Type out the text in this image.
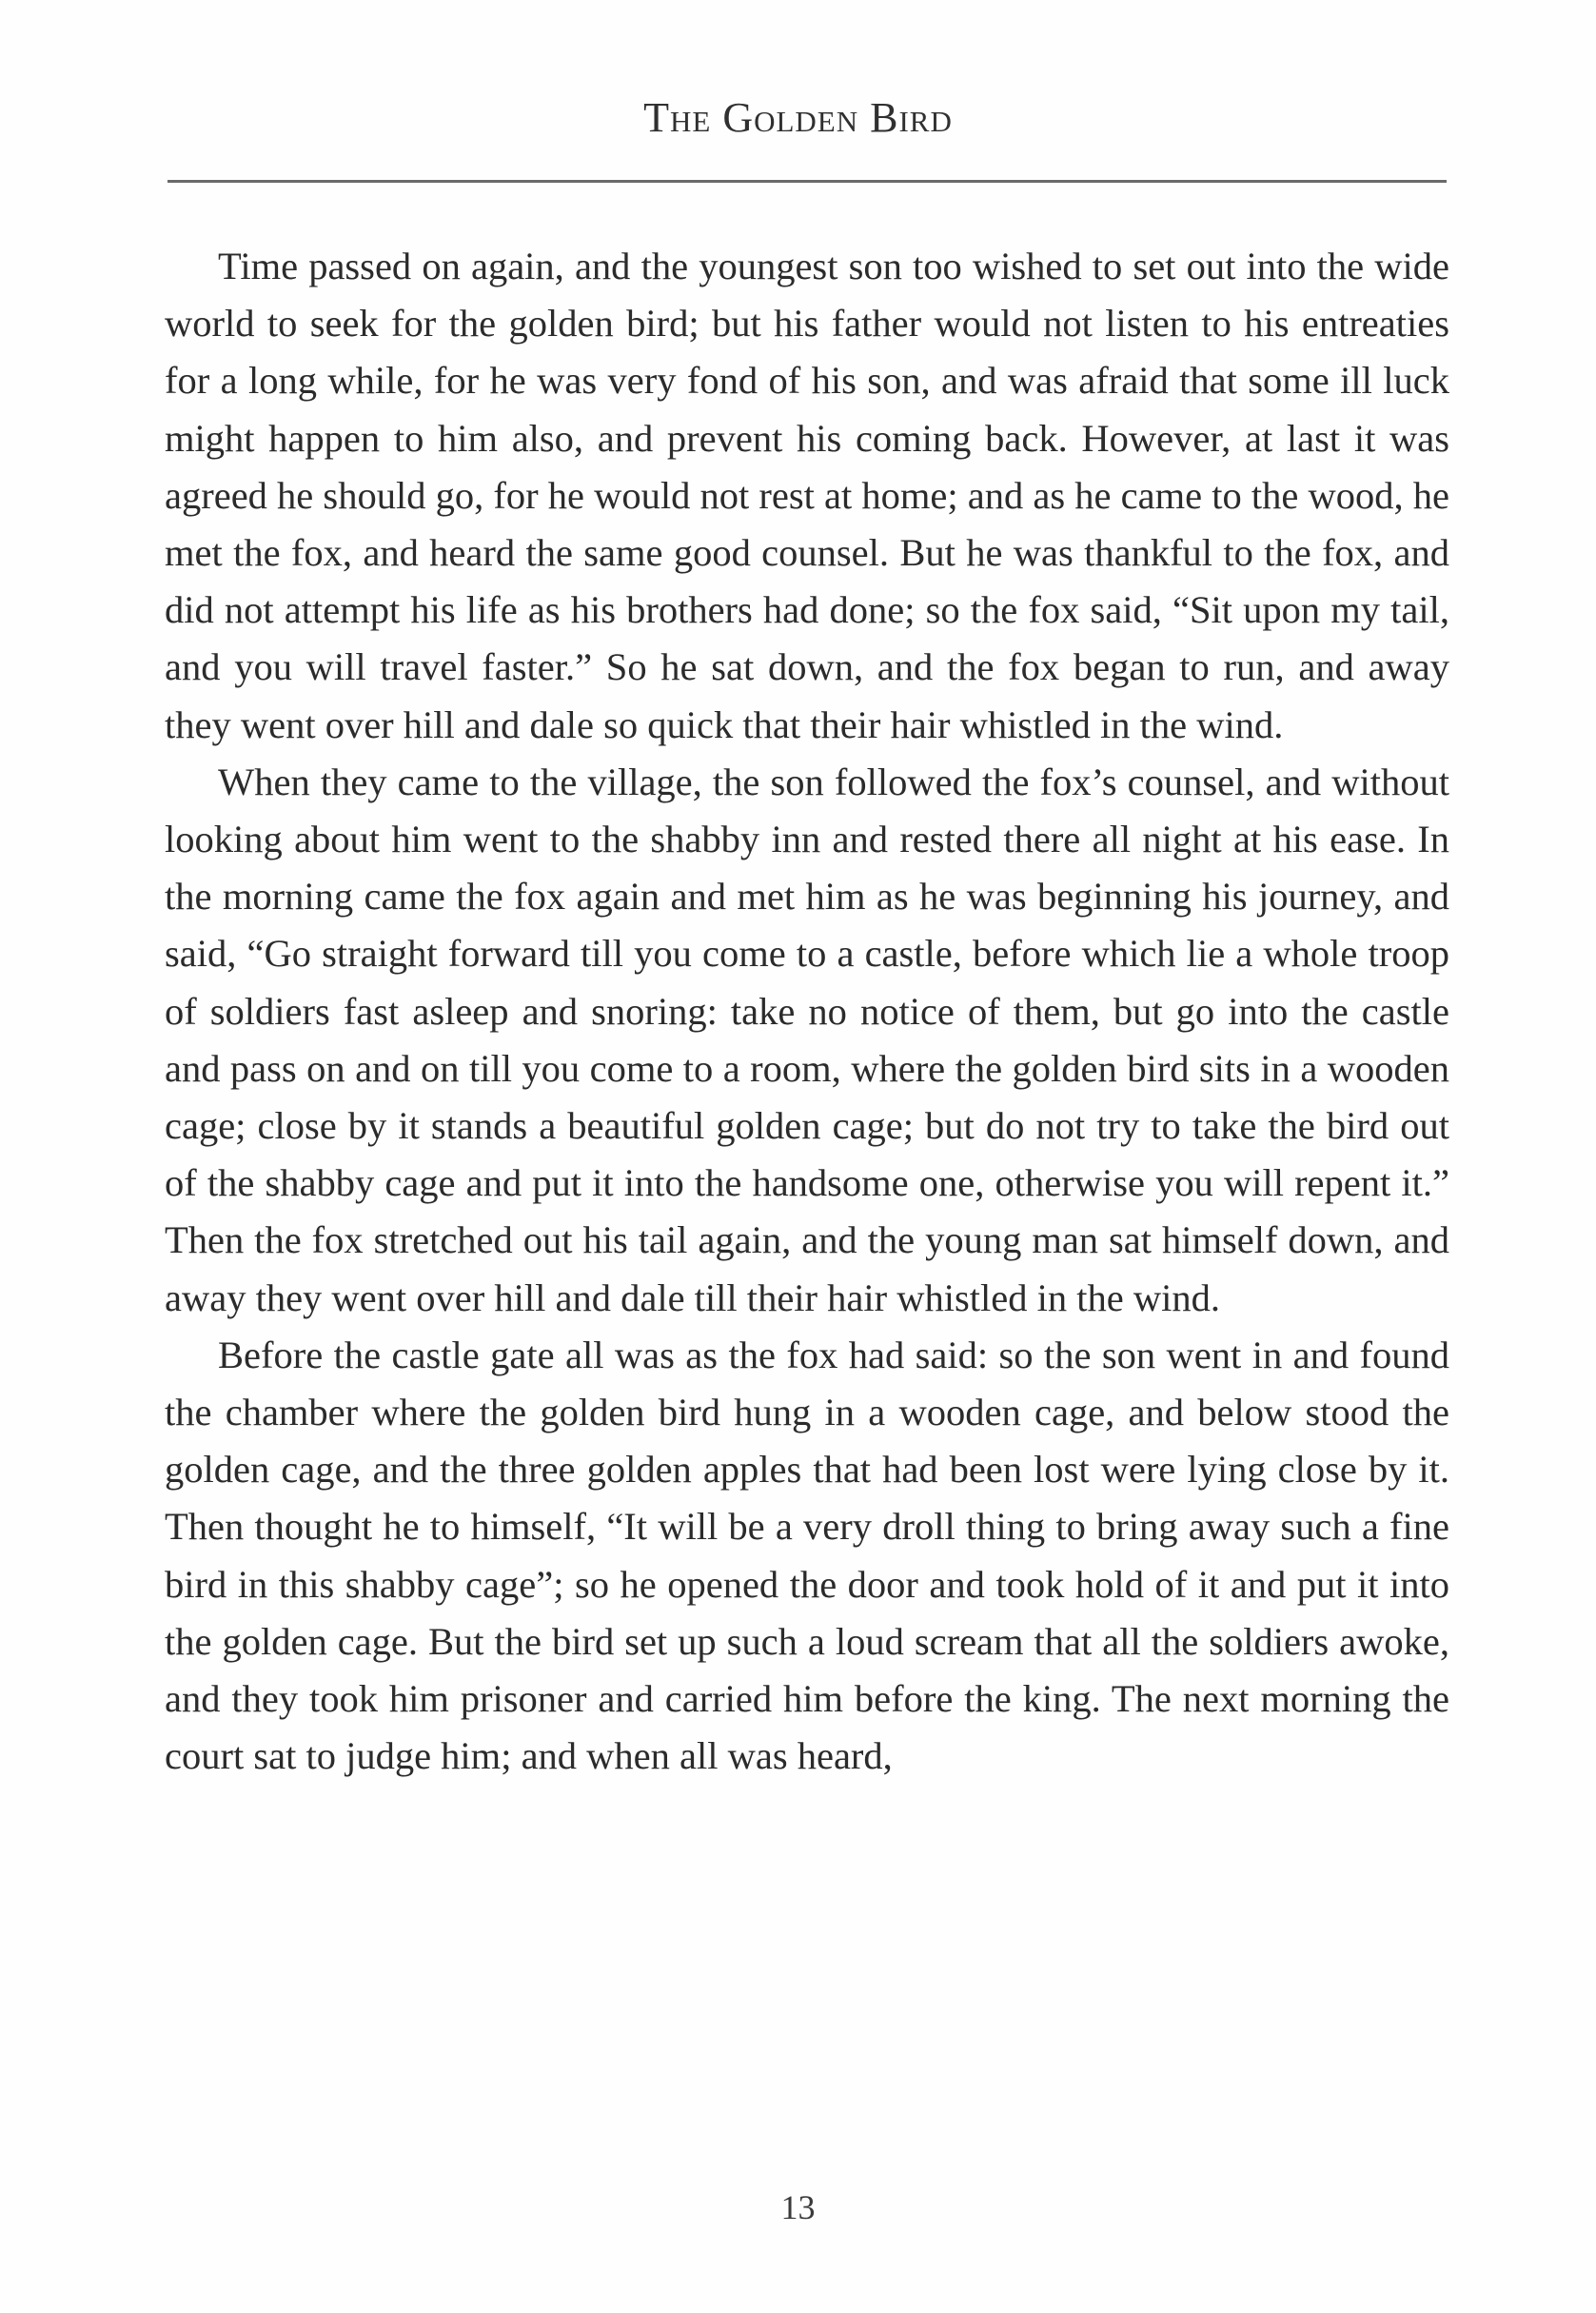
The Golden Bird

Time passed on again, and the youngest son too wished to set out into the wide world to seek for the golden bird; but his father would not listen to his entreaties for a long while, for he was very fond of his son, and was afraid that some ill luck might happen to him also, and prevent his coming back. However, at last it was agreed he should go, for he would not rest at home; and as he came to the wood, he met the fox, and heard the same good counsel. But he was thankful to the fox, and did not attempt his life as his brothers had done; so the fox said, “Sit upon my tail, and you will travel faster.” So he sat down, and the fox began to run, and away they went over hill and dale so quick that their hair whistled in the wind.

When they came to the village, the son followed the fox’s counsel, and without looking about him went to the shabby inn and rested there all night at his ease. In the morning came the fox again and met him as he was beginning his journey, and said, “Go straight forward till you come to a castle, before which lie a whole troop of soldiers fast asleep and snoring: take no notice of them, but go into the castle and pass on and on till you come to a room, where the golden bird sits in a wooden cage; close by it stands a beautiful golden cage; but do not try to take the bird out of the shabby cage and put it into the handsome one, otherwise you will repent it.” Then the fox stretched out his tail again, and the young man sat himself down, and away they went over hill and dale till their hair whistled in the wind.

Before the castle gate all was as the fox had said: so the son went in and found the chamber where the golden bird hung in a wooden cage, and below stood the golden cage, and the three golden apples that had been lost were lying close by it. Then thought he to himself, “It will be a very droll thing to bring away such a fine bird in this shabby cage”; so he opened the door and took hold of it and put it into the golden cage. But the bird set up such a loud scream that all the soldiers awoke, and they took him prisoner and carried him before the king. The next morning the court sat to judge him; and when all was heard,

13
